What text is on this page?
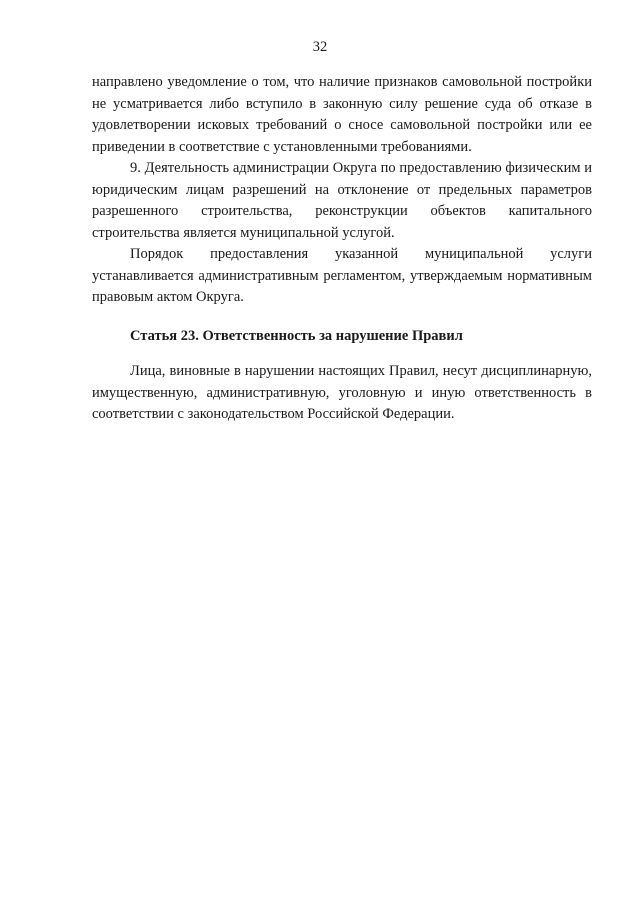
32

направлено уведомление о том, что наличие признаков самовольной постройки не усматривается либо вступило в законную силу решение суда об отказе в удовлетворении исковых требований о сносе самовольной постройки или ее приведении в соответствие с установленными требованиями.

9. Деятельность администрации Округа по предоставлению физическим и юридическим лицам разрешений на отклонение от предельных параметров разрешенного строительства, реконструкции объектов капитального строительства является муниципальной услугой.

Порядок предоставления указанной муниципальной услуги устанавливается административным регламентом, утверждаемым нормативным правовым актом Округа.

Статья 23. Ответственность за нарушение Правил

Лица, виновные в нарушении настоящих Правил, несут дисциплинарную, имущественную, административную, уголовную и иную ответственность в соответствии с законодательством Российской Федерации.
